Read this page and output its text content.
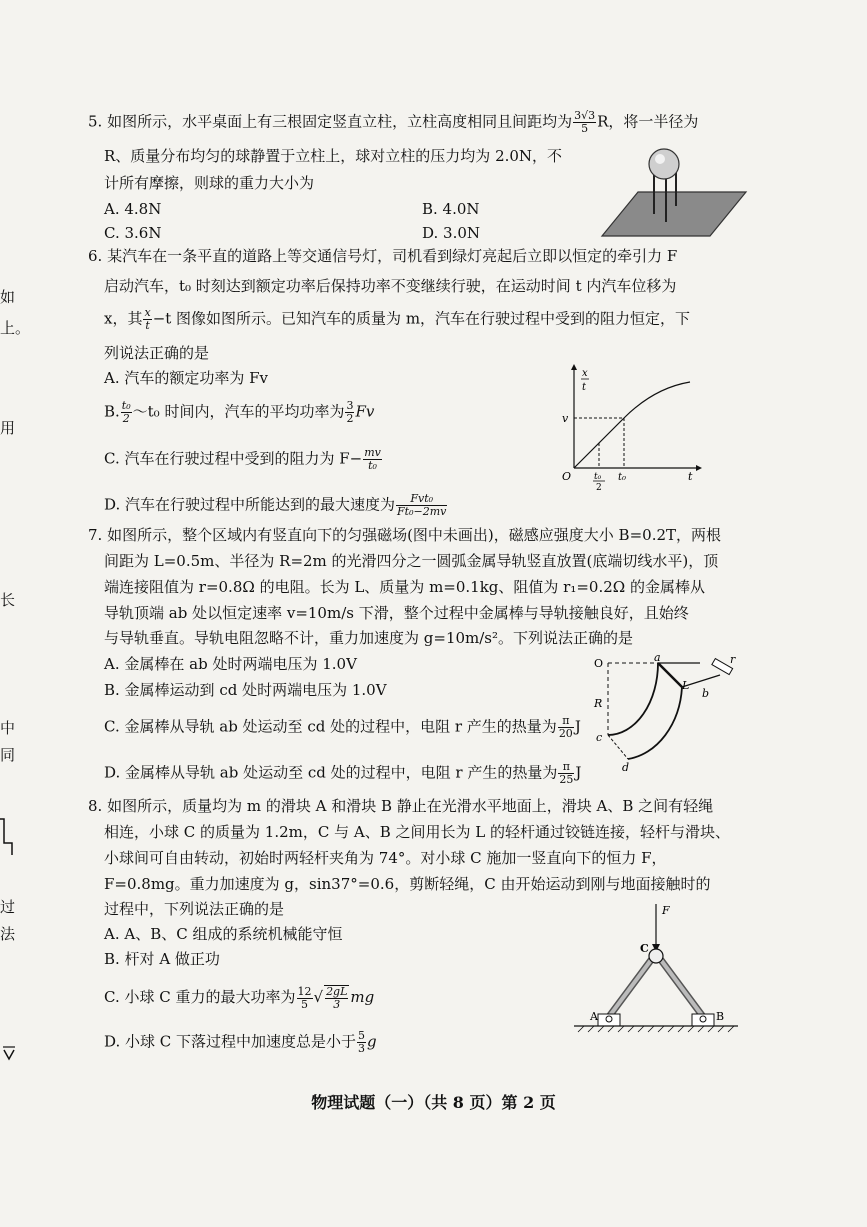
如
上。
用
长
中
同
过
法
5. 如图所示，水平桌面上有三根固定竖直立柱，立柱高度相同且间距均为 $\frac{3√3}{5}$ R，将一半径为
R、质量分布均匀的球静置于立柱上，球对立柱的压力均为 2.0N，不
计所有摩擦，则球的重力大小为
A. 4.8N	B. 4.0N
C. 3.6N	D. 3.0N
6. 某汽车在一条平直的道路上等交通信号灯，司机看到绿灯亮起后立即以恒定的牵引力 F
启动汽车，t₀ 时刻达到额定功率后保持功率不变继续行驶，在运动时间 t 内汽车位移为
x，其 $\frac{x}{t} -t$ 图像如图所示。已知汽车的质量为 m，汽车在行驶过程中受到的阻力恒定，下
列说法正确的是
A. 汽车的额定功率为 Fv
B. $\frac{\text{t₀}}{2}$ ～t₀ 时间内，汽车的平均功率为 $\frac{3}{2}$ Fv
C. 汽车在行驶过程中受到的阻力为 $F- \frac{mv}{\text{t₀}}$
D. 汽车在行驶过程中所能达到的最大速度为 $\frac{\text{Fvt₀}}{\text{Ft₀−2mv}}$
x
t
v
O	t₀
2
t₀	t
7. 如图所示，整个区域内有竖直向下的匀强磁场(图中未画出)，磁感应强度大小 B=0.2T，两根
间距为 L=0.5m、半径为 R=2m 的光滑四分之一圆弧金属导轨竖直放置(底端切线水平)，顶
端连接阻值为 r=0.8Ω 的电阻。长为 L、质量为 m=0.1kg、阻值为 r₁=0.2Ω 的金属棒从
导轨顶端 ab 处以恒定速率 v=10m/s 下滑，整个过程中金属棒与导轨接触良好，且始终
与导轨垂直。导轨电阻忽略不计，重力加速度为 g=10m/s²。下列说法正确的是
A. 金属棒在 ab 处时两端电压为 1.0V
B. 金属棒运动到 cd 处时两端电压为 1.0V
C. 金属棒从导轨 ab 处运动至 cd 处的过程中，电阻 r 产生的热量为 $\frac{\pi}{20}$ J
D. 金属棒从导轨 ab 处运动至 cd 处的过程中，电阻 r 产生的热量为 $\frac{\pi}{25}$ J
O	a
L
b
r
R
c
d
8. 如图所示，质量均为 m 的滑块 A 和滑块 B 静止在光滑水平地面上，滑块 A、B 之间有轻绳
相连，小球 C 的质量为 1.2m，C 与 A、B 之间用长为 L 的轻杆通过铰链连接，轻杆与滑块、
小球间可自由转动，初始时两轻杆夹角为 74°。对小球 C 施加一竖直向下的恒力 F，
F=0.8mg。重力加速度为 g，sin37°=0.6，剪断轻绳，C 由开始运动到刚与地面接触时的
过程中，下列说法正确的是
A. A、B、C 组成的系统机械能守恒
B. 杆对 A 做正功
C. 小球 C 重力的最大功率为 $\frac{12}{5}$ √ $\frac{2gL}{3}$ mg
D. 小球 C 下落过程中加速度总是小于 $\frac{5}{3}$ g
F
C
A	B
物理试题（一）（共 8 页）第 2 页
